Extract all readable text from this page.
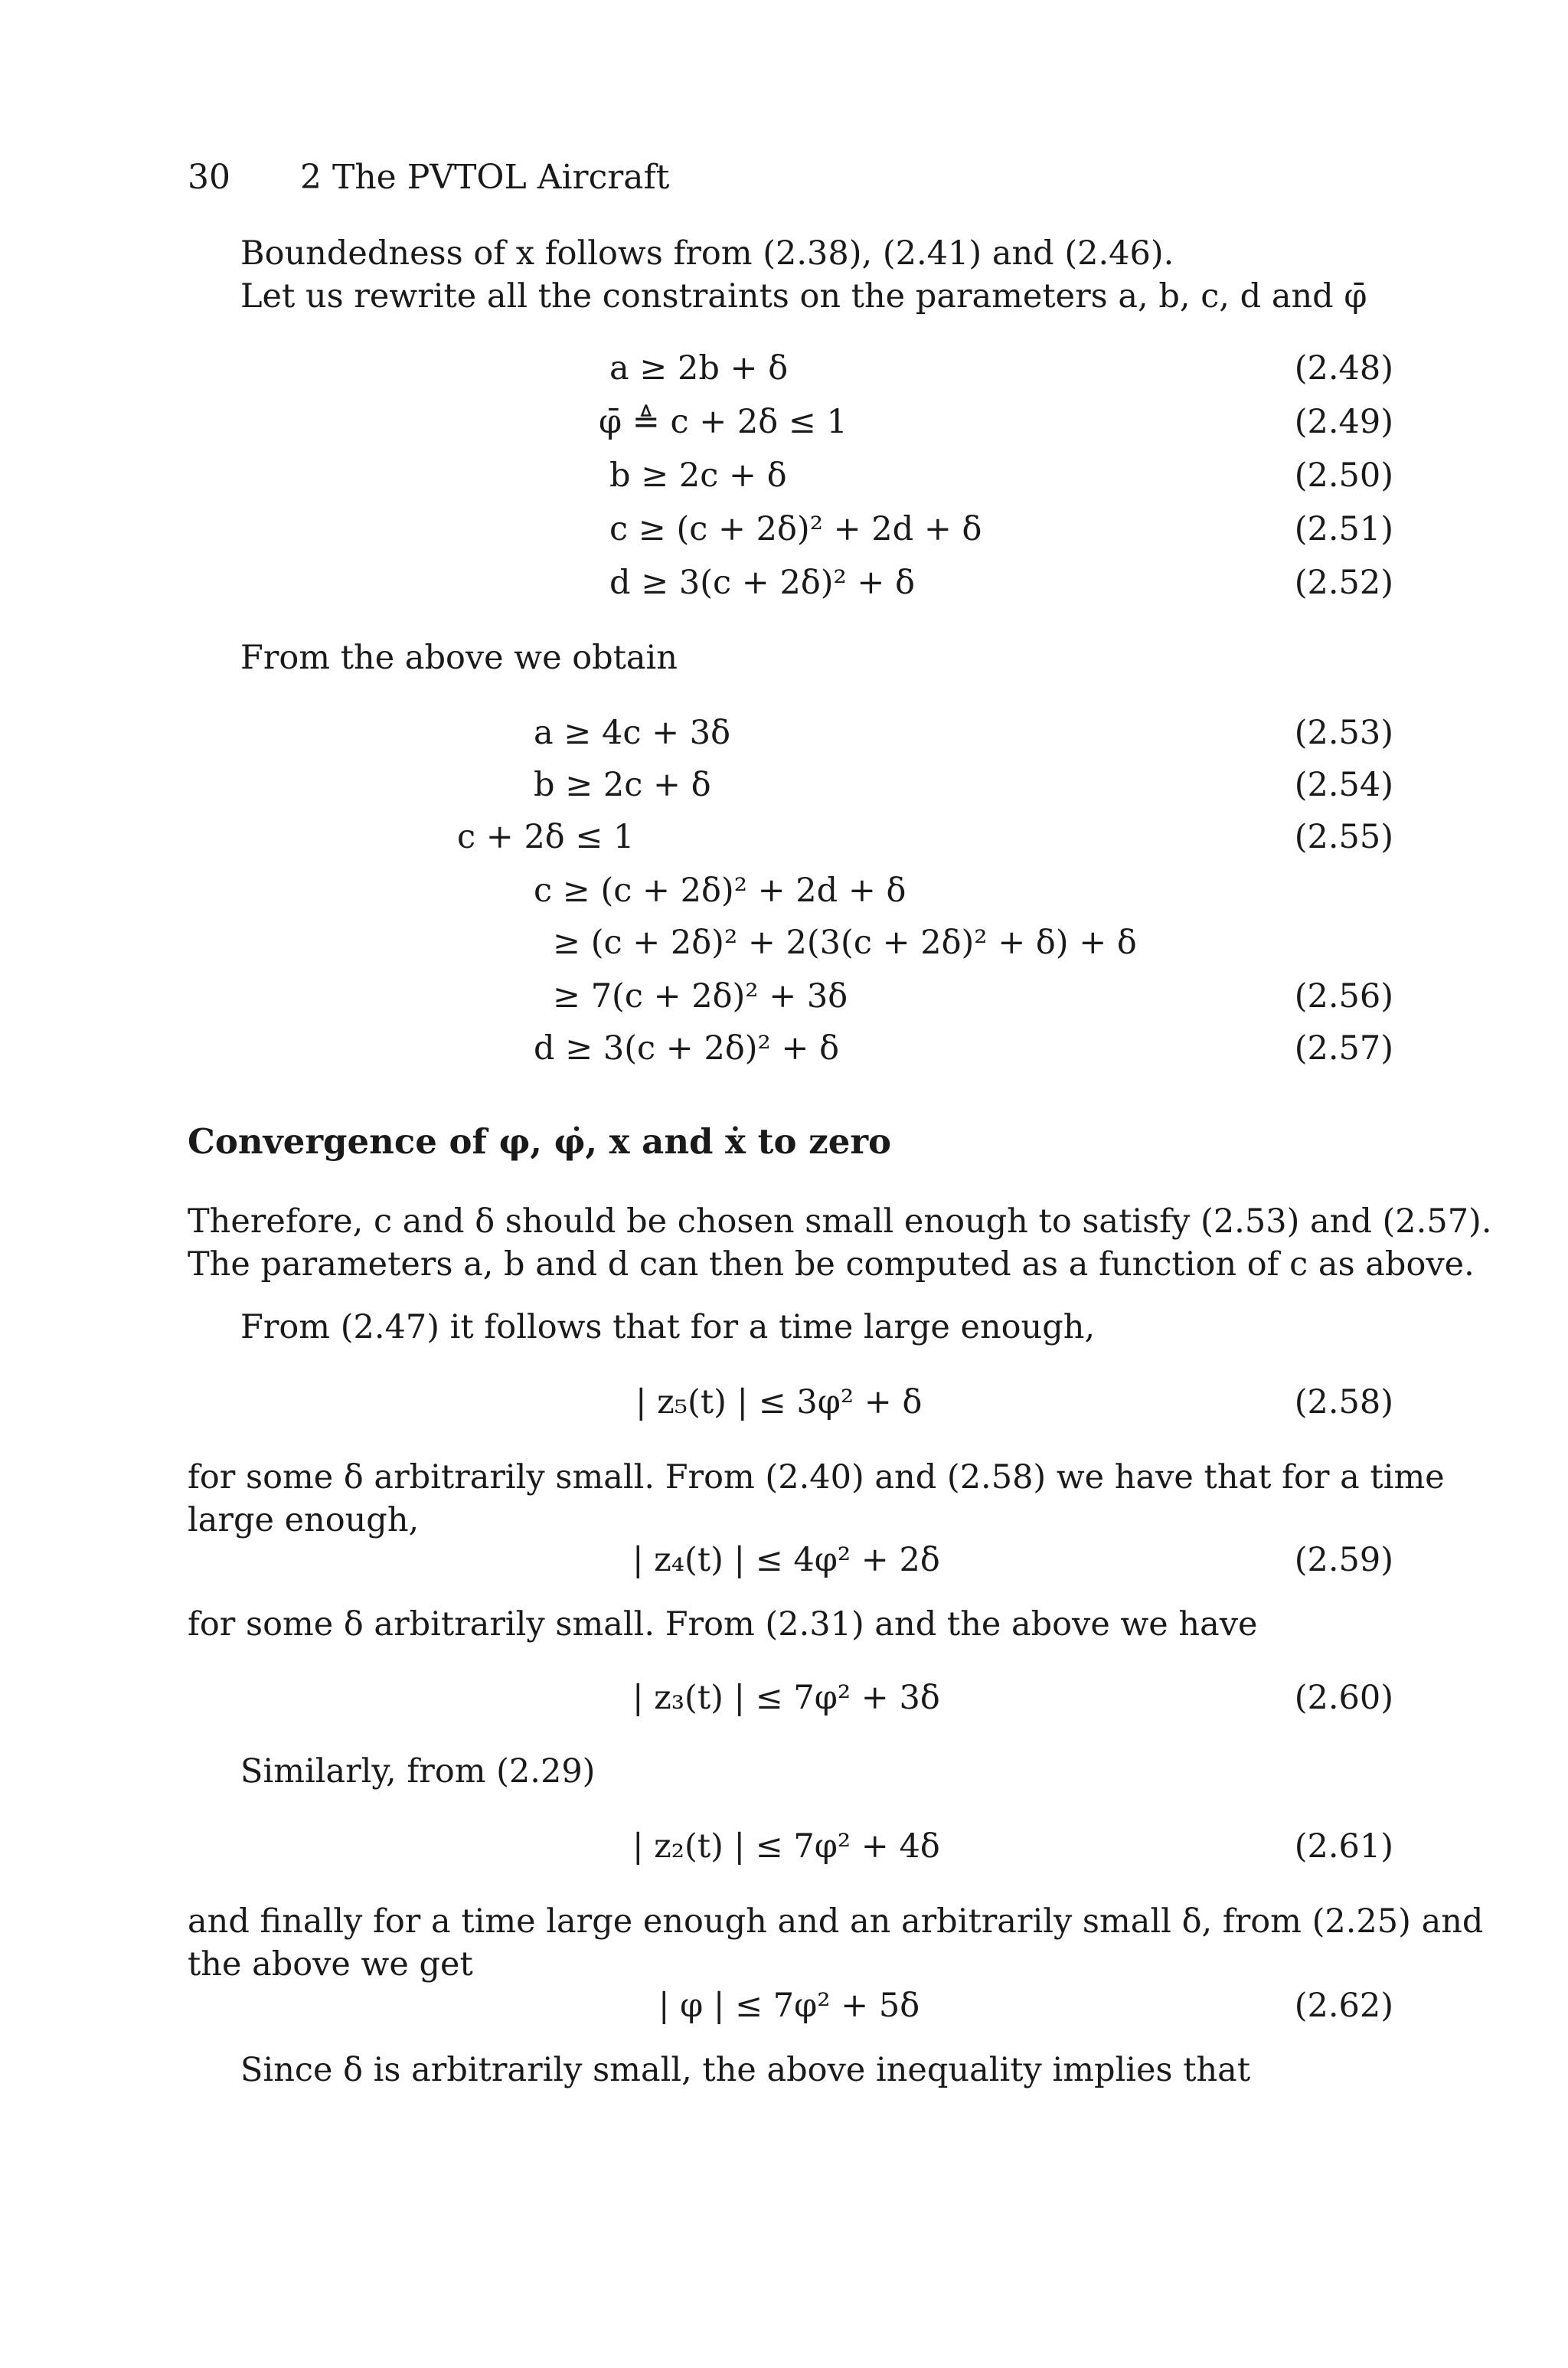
30 2 The PVTOL Aircraft
Boundedness of x follows from (2.38), (2.41) and (2.46).
Let us rewrite all the constraints on the parameters a, b, c, d and φ̄
a ≥ 2b + δ	(2.48)
φ̄ ≜ c + 2δ ≤ 1	(2.49)
b ≥ 2c + δ	(2.50)
c ≥ (c + 2δ)² + 2d + δ	(2.51)
d ≥ 3(c + 2δ)² + δ	(2.52)
From the above we obtain
a ≥ 4c + 3δ	(2.53)
b ≥ 2c + δ	(2.54)
c + 2δ ≤ 1	(2.55)
c ≥ (c + 2δ)² + 2d + δ
≥ (c + 2δ)² + 2(3(c + 2δ)² + δ) + δ
≥ 7(c + 2δ)² + 3δ	(2.56)
d ≥ 3(c + 2δ)² + δ	(2.57)
Convergence of φ, φ̇, x and ẋ to zero
Therefore, c and δ should be chosen small enough to satisfy (2.53) and (2.57).
The parameters a, b and d can then be computed as a function of c as above.
From (2.47) it follows that for a time large enough,
| z₅(t) | ≤ 3φ² + δ	(2.58)
for some δ arbitrarily small. From (2.40) and (2.58) we have that for a time
large enough,
| z₄(t) | ≤ 4φ² + 2δ	(2.59)
for some δ arbitrarily small. From (2.31) and the above we have
| z₃(t) | ≤ 7φ² + 3δ	(2.60)
Similarly, from (2.29)
| z₂(t) | ≤ 7φ² + 4δ	(2.61)
and finally for a time large enough and an arbitrarily small δ, from (2.25) and
the above we get
| φ | ≤ 7φ² + 5δ	(2.62)
Since δ is arbitrarily small, the above inequality implies that
